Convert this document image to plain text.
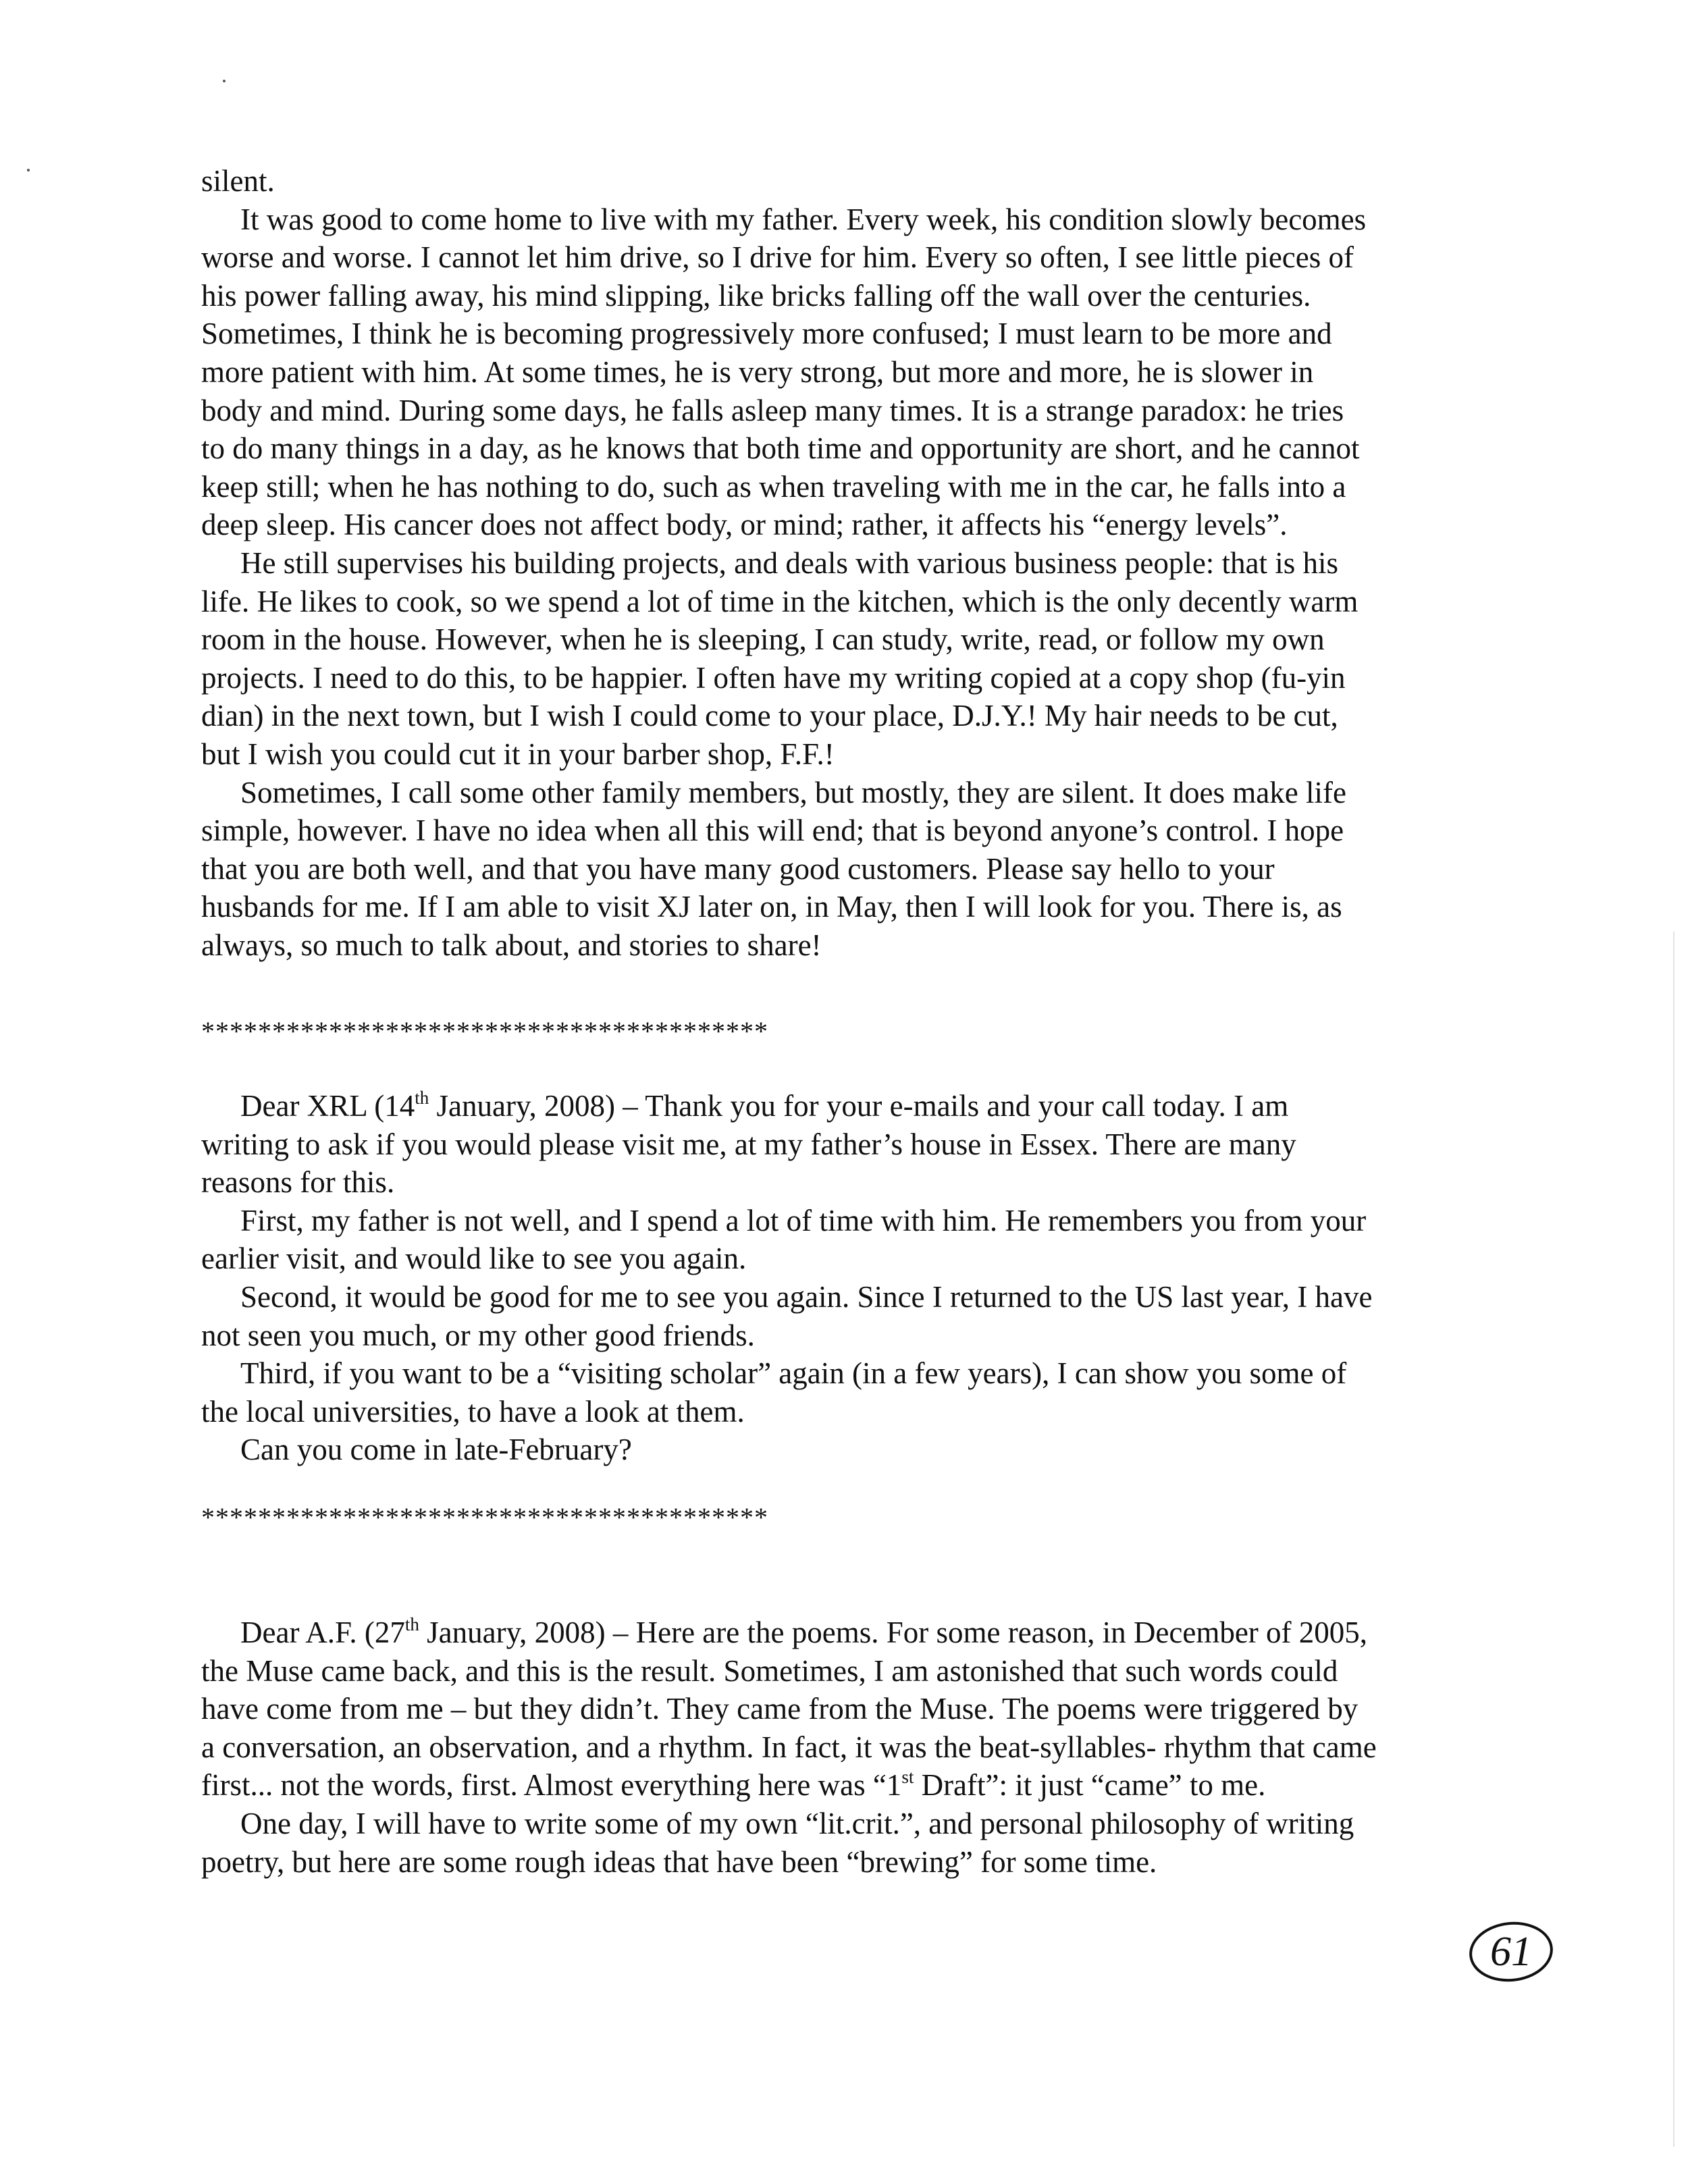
silent.

It was good to come home to live with my father. Every week, his condition slowly becomes

worse and worse. I cannot let him drive, so I drive for him. Every so often, I see little pieces of

his power falling away, his mind slipping, like bricks falling off the wall over the centuries.

Sometimes, I think he is becoming progressively more confused; I must learn to be more and

more patient with him. At some times, he is very strong, but more and more, he is slower in

body and mind. During some days, he falls asleep many times. It is a strange paradox: he tries

to do many things in a day, as he knows that both time and opportunity are short, and he cannot

keep still; when he has nothing to do, such as when traveling with me in the car, he falls into a

deep sleep. His cancer does not affect body, or mind; rather, it affects his “energy levels”.

He still supervises his building projects, and deals with various business people: that is his

life. He likes to cook, so we spend a lot of time in the kitchen, which is the only decently warm

room in the house. However, when he is sleeping, I can study, write, read, or follow my own

projects. I need to do this, to be happier. I often have my writing copied at a copy shop (fu-yin

dian) in the next town, but I wish I could come to your place, D.J.Y.! My hair needs to be cut,

but I wish you could cut it in your barber shop, F.F.!

Sometimes, I call some other family members, but mostly, they are silent. It does make life

simple, however. I have no idea when all this will end; that is beyond anyone’s control. I hope

that you are both well, and that you have many good customers. Please say hello to your

husbands for me. If I am able to visit XJ later on, in May, then I will look for you. There is, as

always, so much to talk about, and stories to share!

****************************************

Dear XRL (14th January, 2008) – Thank you for your e-mails and your call today. I am

writing to ask if you would please visit me, at my father’s house in Essex. There are many

reasons for this.

First, my father is not well, and I spend a lot of time with him. He remembers you from your

earlier visit, and would like to see you again.

Second, it would be good for me to see you again. Since I returned to the US last year, I have

not seen you much, or my other good friends.

Third, if you want to be a “visiting scholar” again (in a few years), I can show you some of

the local universities, to have a look at them.

Can you come in late-February?

****************************************

Dear A.F. (27th January, 2008) – Here are the poems. For some reason, in December of 2005,

the Muse came back, and this is the result. Sometimes, I am astonished that such words could

have come from me – but they didn’t. They came from the Muse. The poems were triggered by

a conversation, an observation, and a rhythm. In fact, it was the beat-syllables- rhythm that came

first... not the words, first. Almost everything here was “1st Draft”: it just “came” to me.

One day, I will have to write some of my own “lit.crit.”, and personal philosophy of writing

poetry, but here are some rough ideas that have been “brewing” for some time.

61
